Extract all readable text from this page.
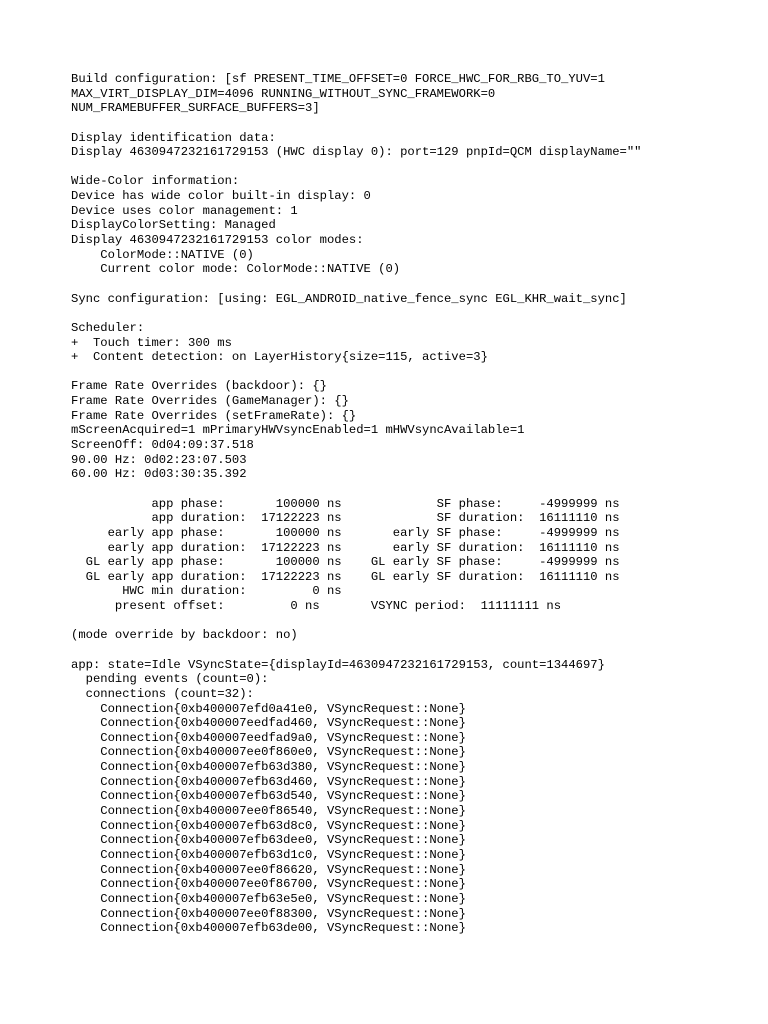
Build configuration: [sf PRESENT_TIME_OFFSET=0 FORCE_HWC_FOR_RBG_TO_YUV=1
MAX_VIRT_DISPLAY_DIM=4096 RUNNING_WITHOUT_SYNC_FRAMEWORK=0
NUM_FRAMEBUFFER_SURFACE_BUFFERS=3]

Display identification data:
Display 4630947232161729153 (HWC display 0): port=129 pnpId=QCM displayName=""

Wide-Color information:
Device has wide color built-in display: 0
Device uses color management: 1
DisplayColorSetting: Managed
Display 4630947232161729153 color modes:
ColorMode::NATIVE (0)
Current color mode: ColorMode::NATIVE (0)

Sync configuration: [using: EGL_ANDROID_native_fence_sync EGL_KHR_wait_sync]

Scheduler:
+  Touch timer: 300 ms
+  Content detection: on LayerHistory{size=115, active=3}

Frame Rate Overrides (backdoor): {}
Frame Rate Overrides (GameManager): {}
Frame Rate Overrides (setFrameRate): {}
mScreenAcquired=1 mPrimaryHWVsyncEnabled=1 mHWVsyncAvailable=1
ScreenOff: 0d04:09:37.518
90.00 Hz: 0d02:23:07.503
60.00 Hz: 0d03:30:35.392

app phase:       100000 ns             SF phase:     -4999999 ns
app duration:  17122223 ns             SF duration:  16111110 ns
early app phase:       100000 ns       early SF phase:     -4999999 ns
early app duration:  17122223 ns       early SF duration:  16111110 ns
GL early app phase:       100000 ns    GL early SF phase:     -4999999 ns
GL early app duration:  17122223 ns    GL early SF duration:  16111110 ns
HWC min duration:         0 ns
present offset:         0 ns       VSYNC period:  11111111 ns

(mode override by backdoor: no)

app: state=Idle VSyncState={displayId=4630947232161729153, count=1344697}
pending events (count=0):
connections (count=32):
Connection{0xb400007efd0a41e0, VSyncRequest::None}
Connection{0xb400007eedfad460, VSyncRequest::None}
Connection{0xb400007eedfad9a0, VSyncRequest::None}
Connection{0xb400007ee0f860e0, VSyncRequest::None}
Connection{0xb400007efb63d380, VSyncRequest::None}
Connection{0xb400007efb63d460, VSyncRequest::None}
Connection{0xb400007efb63d540, VSyncRequest::None}
Connection{0xb400007ee0f86540, VSyncRequest::None}
Connection{0xb400007efb63d8c0, VSyncRequest::None}
Connection{0xb400007efb63dee0, VSyncRequest::None}
Connection{0xb400007efb63d1c0, VSyncRequest::None}
Connection{0xb400007ee0f86620, VSyncRequest::None}
Connection{0xb400007ee0f86700, VSyncRequest::None}
Connection{0xb400007efb63e5e0, VSyncRequest::None}
Connection{0xb400007ee0f88300, VSyncRequest::None}
Connection{0xb400007efb63de00, VSyncRequest::None}
